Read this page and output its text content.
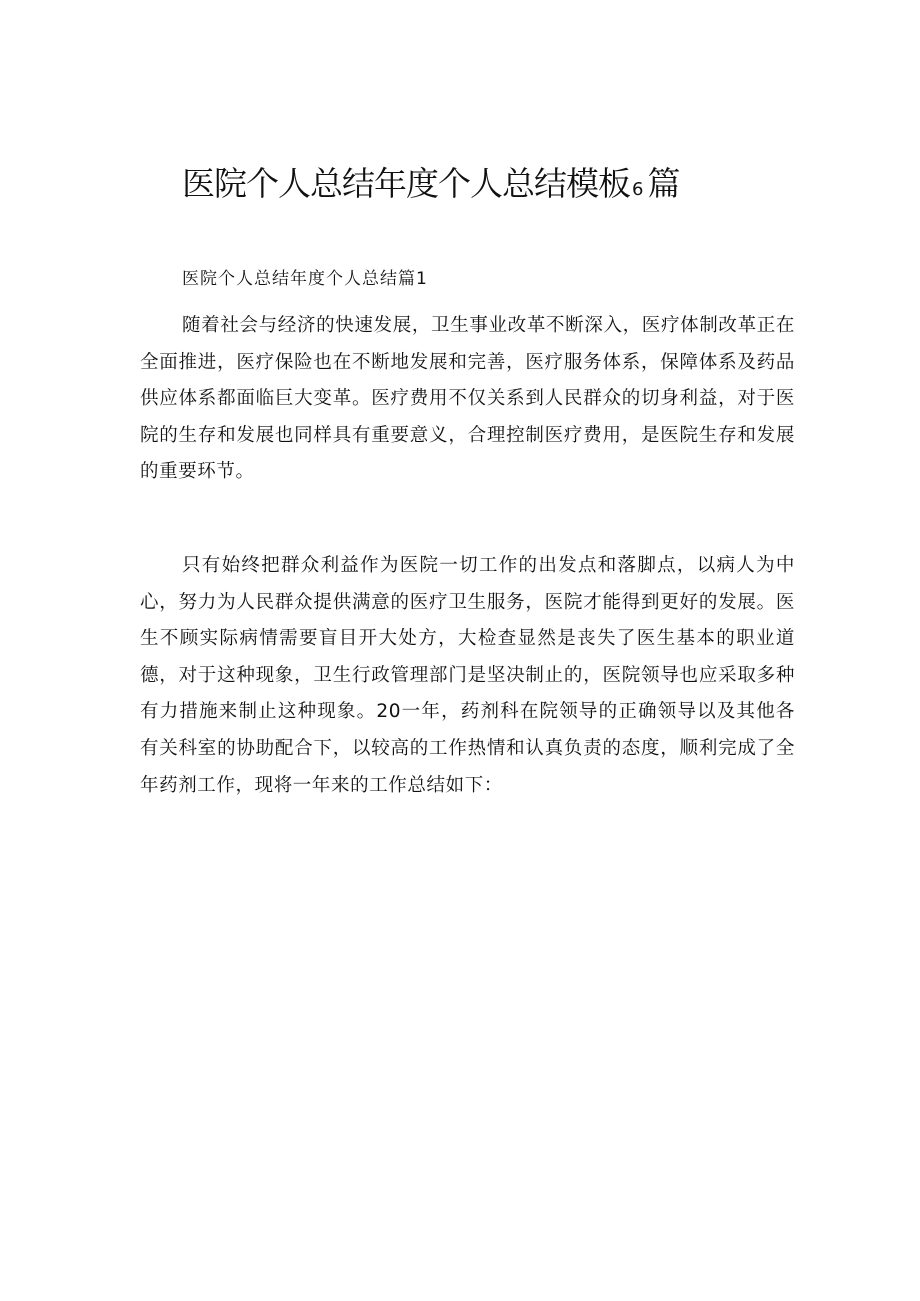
医院个人总结年度个人总结模板 6 篇

医院个人总结年度个人总结篇1

随着社会与经济的快速发展，卫生事业改革不断深入，医疗体制改革正在全面推进，医疗保险也在不断地发展和完善，医疗服务体系，保障体系及药品供应体系都面临巨大变革。医疗费用不仅关系到人民群众的切身利益，对于医院的生存和发展也同样具有重要意义，合理控制医疗费用，是医院生存和发展的重要环节。

只有始终把群众利益作为医院一切工作的出发点和落脚点，以病人为中心，努力为人民群众提供满意的医疗卫生服务，医院才能得到更好的发展。医生不顾实际病情需要盲目开大处方，大检查显然是丧失了医生基本的职业道德，对于这种现象，卫生行政管理部门是坚决制止的，医院领导也应采取多种有力措施来制止这种现象。20一年，药剂科在院领导的正确领导以及其他各有关科室的协助配合下，以较高的工作热情和认真负责的态度，顺利完成了全年药剂工作，现将一年来的工作总结如下：
